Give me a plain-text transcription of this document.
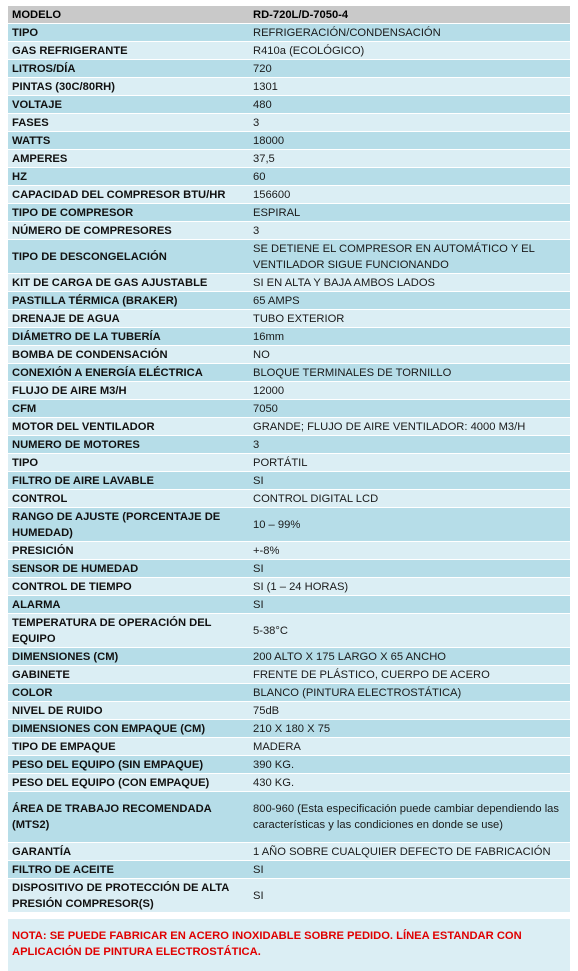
MODELO	RD-720L/D-7050-4
TIPO	REFRIGERACIÓN/CONDENSACIÓN
GAS REFRIGERANTE	R410a (ECOLÓGICO)
LITROS/DÍA	720
PINTAS (30C/80RH)	1301
VOLTAJE	480
FASES	3
WATTS	18000
AMPERES	37,5
HZ	60
CAPACIDAD DEL COMPRESOR BTU/HR	156600
TIPO DE COMPRESOR	ESPIRAL
NÚMERO DE COMPRESORES	3
TIPO DE DESCONGELACIÓN	SE DETIENE EL COMPRESOR EN AUTOMÁTICO Y EL VENTILADOR SIGUE FUNCIONANDO
KIT DE CARGA DE GAS AJUSTABLE	SI EN ALTA Y BAJA AMBOS LADOS
PASTILLA TÉRMICA (BRAKER)	65 AMPS
DRENAJE DE AGUA	TUBO EXTERIOR
DIÁMETRO DE LA TUBERÍA	16mm
BOMBA DE CONDENSACIÓN	NO
CONEXIÓN A ENERGÍA ELÉCTRICA	BLOQUE TERMINALES DE TORNILLO
FLUJO DE AIRE M3/H	12000
CFM	7050
MOTOR DEL VENTILADOR	GRANDE; FLUJO DE AIRE VENTILADOR: 4000 M3/H
NUMERO DE MOTORES	3
TIPO	PORTÁTIL
FILTRO DE AIRE LAVABLE	SI
CONTROL	CONTROL DIGITAL LCD
RANGO DE AJUSTE (PORCENTAJE DE HUMEDAD)	10 – 99%
PRESICIÓN	+-8%
SENSOR DE HUMEDAD	SI
CONTROL DE TIEMPO	SI (1 – 24 HORAS)
ALARMA	SI
TEMPERATURA DE OPERACIÓN DEL EQUIPO	5-38°C
DIMENSIONES (CM)	200 ALTO X 175 LARGO X 65 ANCHO
GABINETE	FRENTE DE PLÁSTICO, CUERPO DE ACERO
COLOR	BLANCO (PINTURA ELECTROSTÁTICA)
NIVEL DE RUIDO	75dB
DIMENSIONES CON EMPAQUE (CM)	210 X 180 X 75
TIPO DE EMPAQUE	MADERA
PESO DEL EQUIPO (SIN EMPAQUE)	390 KG.
PESO DEL EQUIPO (CON EMPAQUE)	430 KG.
ÁREA DE TRABAJO RECOMENDADA (MTS2)	800-960 (Esta especificación puede cambiar dependiendo las características y las condiciones en donde se use)
GARANTÍA	1 AÑO SOBRE CUALQUIER DEFECTO DE FABRICACIÓN
FILTRO DE ACEITE	SI
DISPOSITIVO DE PROTECCIÓN DE ALTA PRESIÓN COMPRESOR(S)	SI
NOTA: SE PUEDE FABRICAR EN ACERO INOXIDABLE SOBRE PEDIDO. LÍNEA ESTANDAR CON APLICACIÓN DE PINTURA ELECTROSTÁTICA.
